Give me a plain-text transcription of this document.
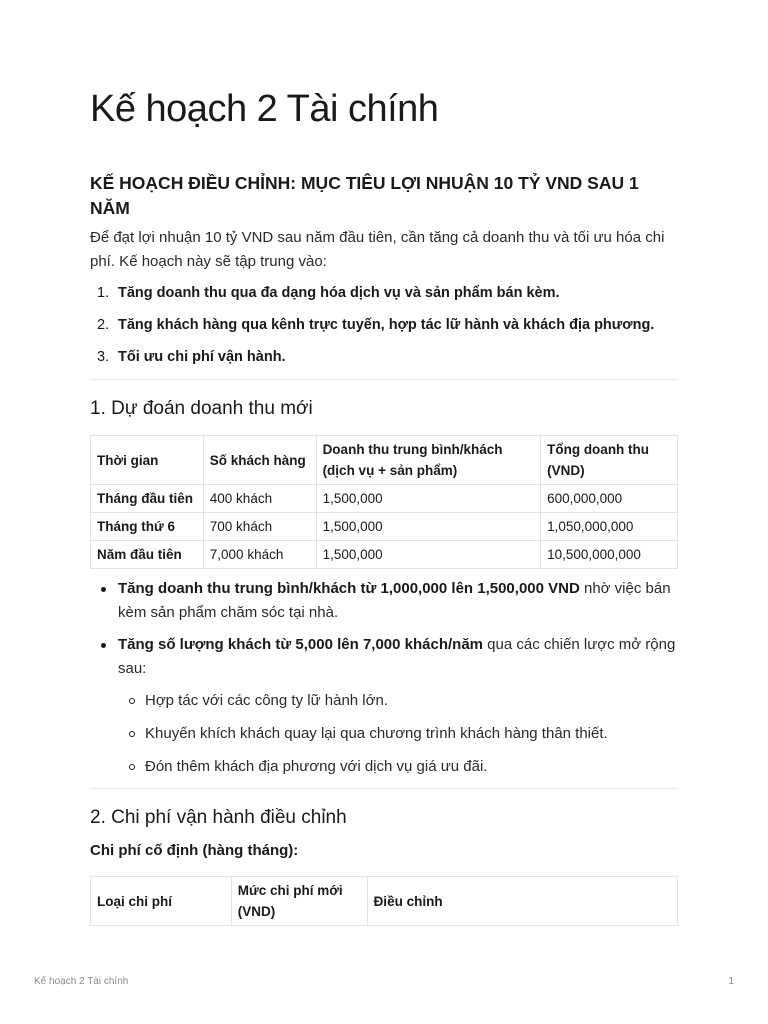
Kế hoạch 2 Tài chính
KẾ HOẠCH ĐIỀU CHỈNH: MỤC TIÊU LỢI NHUẬN 10 TỶ VND SAU 1 NĂM

Để đạt lợi nhuận 10 tỷ VND sau năm đầu tiên, cần tăng cả doanh thu và tối ưu hóa chi phí. Kế hoạch này sẽ tập trung vào:

1. Tăng doanh thu qua đa dạng hóa dịch vụ và sản phẩm bán kèm.
2. Tăng khách hàng qua kênh trực tuyến, hợp tác lữ hành và khách địa phương.
3. Tối ưu chi phí vận hành.
1. Dự đoán doanh thu mới
Thời gian	Số khách hàng	Doanh thu trung bình/khách (dịch vụ + sản phẩm)	Tổng doanh thu (VND)
Tháng đầu tiên	400 khách	1,500,000	600,000,000
Tháng thứ 6	700 khách	1,500,000	1,050,000,000
Năm đầu tiên	7,000 khách	1,500,000	10,500,000,000
Tăng doanh thu trung bình/khách từ 1,000,000 lên 1,500,000 VND nhờ việc bán kèm sản phẩm chăm sóc tại nhà.
Tăng số lượng khách từ 5,000 lên 7,000 khách/năm qua các chiến lược mở rộng sau:
Hợp tác với các công ty lữ hành lớn.
Khuyến khích khách quay lại qua chương trình khách hàng thân thiết.
Đón thêm khách địa phương với dịch vụ giá ưu đãi.
2. Chi phí vận hành điều chỉnh
Chi phí cố định (hàng tháng):
Loại chi phí	Mức chi phí mới (VND)	Điều chỉnh
Kế hoạch 2 Tài chính	1
